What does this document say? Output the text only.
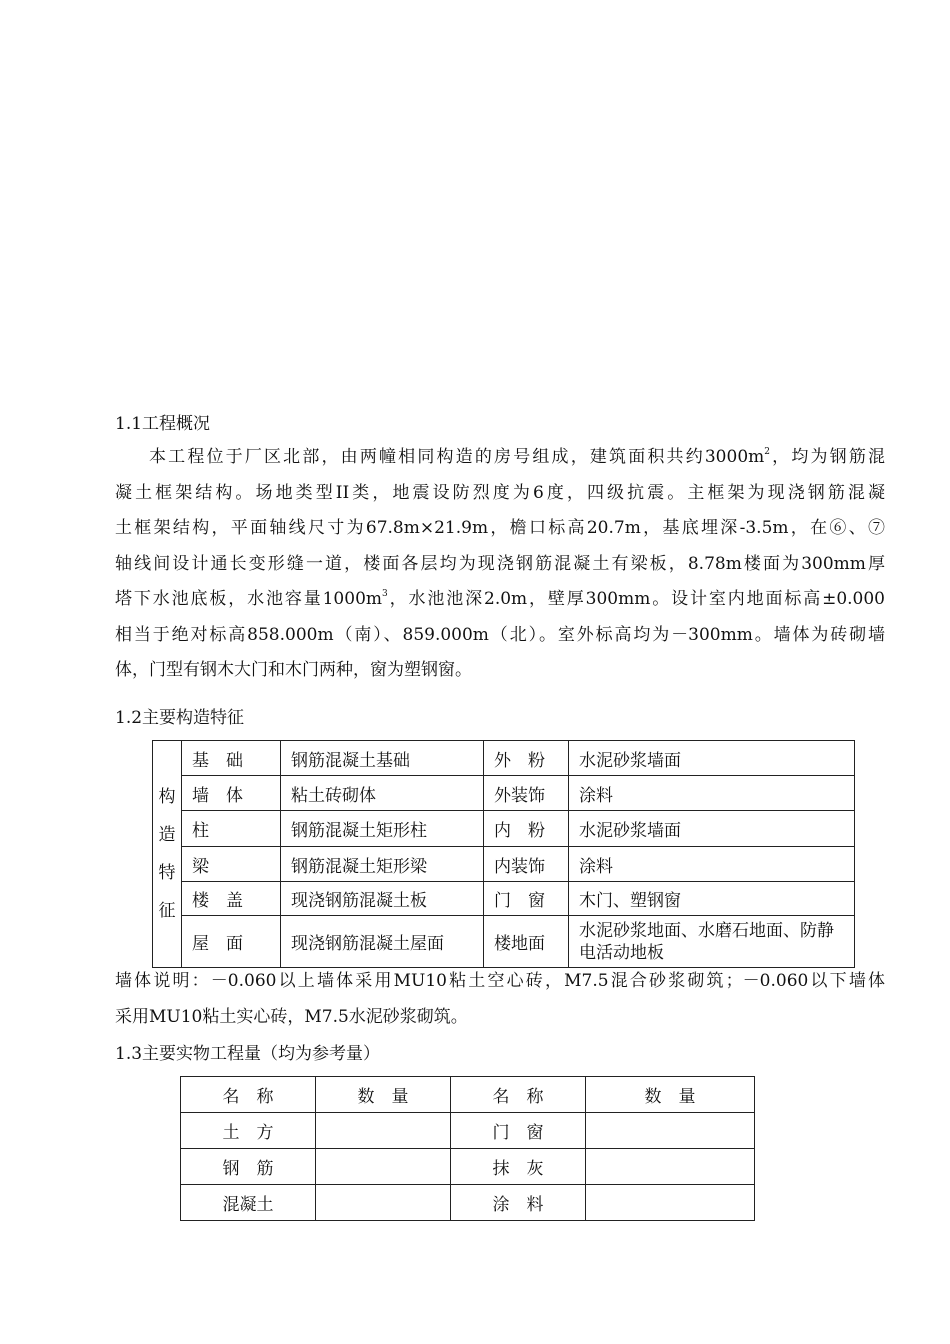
1.1工程概况
本工程位于厂区北部，由两幢相同构造的房号组成，建筑面积共约$3000m^2$，均为钢筋混
凝土框架结构。场地类型II类，地震设防烈度为6度，四级抗震。主框架为现浇钢筋混凝
土框架结构，平面轴线尺寸为67.8m×21.9m，檐口标高20.7m，基底埋深-3.5m，在⑥、⑦
轴线间设计通长变形缝一道，楼面各层均为现浇钢筋混凝土有梁板，8.78m楼面为300mm厚
塔下水池底板，水池容量$1000m^3$，水池池深2.0m，壁厚300mm。设计室内地面标高±0.000
相当于绝对标高858.000m（南）、859.000m（北）。室外标高均为－300mm。墙体为砖砌墙
体，门型有钢木大门和木门两种，窗为塑钢窗。
1.2主要构造特征
构
造
特
征	基　础	钢筋混凝土基础	外　粉	水泥砂浆墙面
	墙　体	粘土砖砌体	外装饰	涂料
	柱	钢筋混凝土矩形柱	内　粉	水泥砂浆墙面
	梁	钢筋混凝土矩形梁	内装饰	涂料
	楼　盖	现浇钢筋混凝土板	门　窗	木门、塑钢窗
	屋　面	现浇钢筋混凝土屋面	楼地面	水泥砂浆地面、水磨石地面、防静电活动地板
墙体说明：－0.060以上墙体采用MU10粘土空心砖，M7.5混合砂浆砌筑；－0.060以下墙体
采用MU10粘土实心砖，M7.5水泥砂浆砌筑。
1.3主要实物工程量（均为参考量）
名　称	数　量	名　称	数　量
土　方		门　窗	
钢　筋		抹　灰	
混凝土		涂　料	
